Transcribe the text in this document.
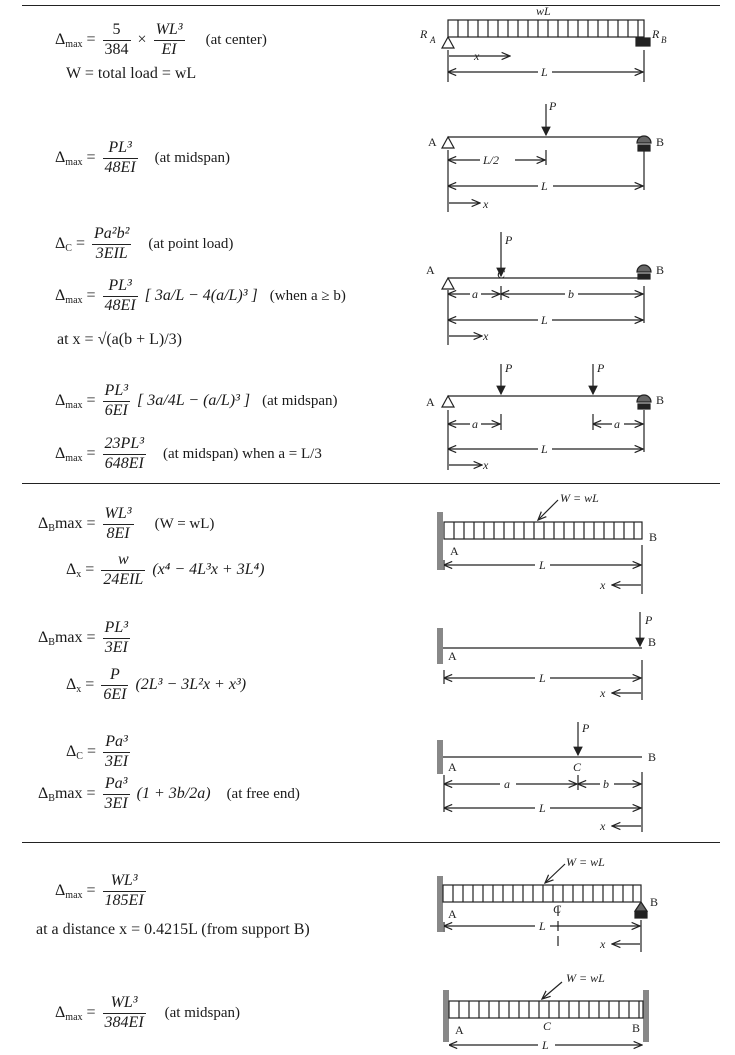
$\Delta_{max} = \frac{5}{384} \times \frac{\text{WL³}}{EI} (at$ center)
W = total load = wL
$\Delta_{max} = \frac{\text{PL³}}{48EI} (at$ midspan)
$\Delta_C = \frac{\text{Pa²b²}}{\text{3EIL}} (at$ point load)
$\Delta_{max} = \frac{\text{PL³}}{48EI}$ [ 3a/L − 4(a/L)³ ] (when a ≥ b)
at x = √(a(b + L)/3)
$\Delta_{max} = \frac{\text{PL³}}{6EI}$ [ 3a/4L − (a/L)³ ] (at midspan)
$\Delta_{max} = \frac{\text{23PL³}}{648EI} (at$ midspan) when a = L/3
$\Delta_B\max = \frac{\text{WL³}}{8EI} (W = wL)$
$\Delta_x = \frac{w}{\text{24EIL}} (x^4 - 4L^3x + 3L^4)$
$\Delta_B\max = \frac{\text{PL³}}{3EI}$
$\Delta_x = \frac{P}{6EI} (2L^3 - 3L^2x + x^3)$
$\Delta_C = \frac{\text{Pa³}}{3EI}$
$\Delta_B\max = \frac{\text{Pa³}}{3EI} (1 + 3b/2a)$ (at free end)
$\Delta_{max} = \frac{\text{WL³}}{185EI}$
at a distance x = 0.4215L (from support B)
$\Delta_{max} = \frac{\text{WL³}}{384EI} (at$ midspan)
wL
R A	R B
x
L
P
A	B
L/2
L
x
P
A	B
C
a	b
L
x
P	P
A	B
a	a
L
x
W = wL
A
B
L
x
P
A
B
L
x
P
A
B
C
a	b
L
x
W = wL
A
B
C
L
x
W = wL
A	B
C
L
